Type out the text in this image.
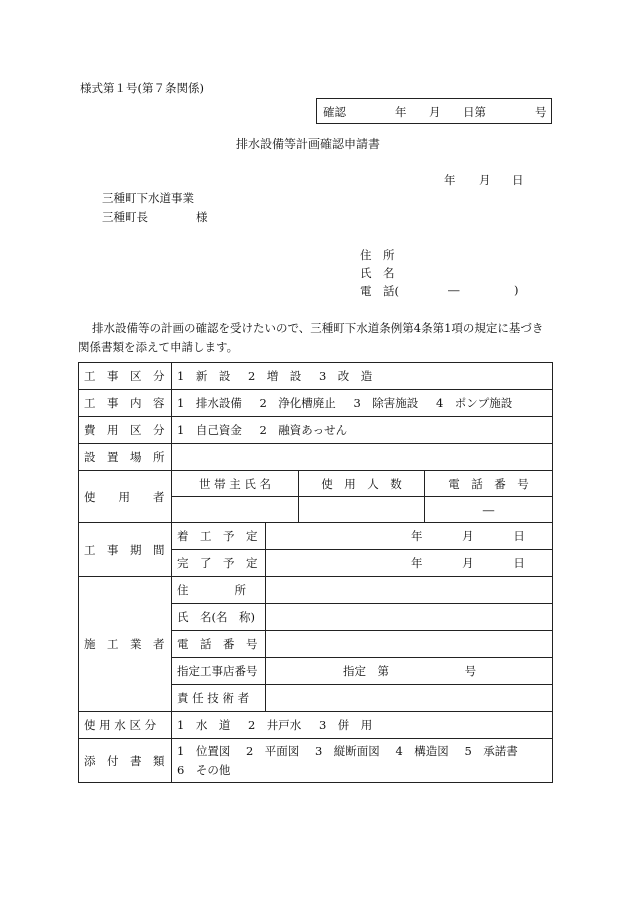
様式第１号(第７条関係)
確認	年 月 日第	号
排水設備等計画確認申請書
年 月 日
三種町下水道事業
三種町長	様
住　所
氏　名
電　話(	―	)
排水設備等の計画の確認を受けたいので、三種町下水道条例第4条第1項の規定に基づき
関係書類を添えて申請します。
工　事　区　分	1　新　設 2　増　設 3　改　造			
工　事　内　容	1　排水設備 2　浄化槽廃止 3　除害施設 4　ポンプ施設			
費　用　区　分	1　自己資金 2　融資あっせん			
設　置　場　所				
使　　用　　者	世 帯 主 氏 名		使　用　人　数	電　話　番　号
				―
工　事　期　間	着　工　予　定	年 月 日		
	完　了　予　定	年 月 日		
施　工　業　者	住　　　　所			
	氏　名(名　称)			
	電　話　番　号			
	指定工事店番号	指定　第 号		
	責 任 技 術 者			
使 用 水 区 分	1　水　道 2　井戸水 3　併　用			
添　付　書　類	1　位置図 2　平面図 3　縦断面図 4　構造図 5　承諾書
6　その他			
